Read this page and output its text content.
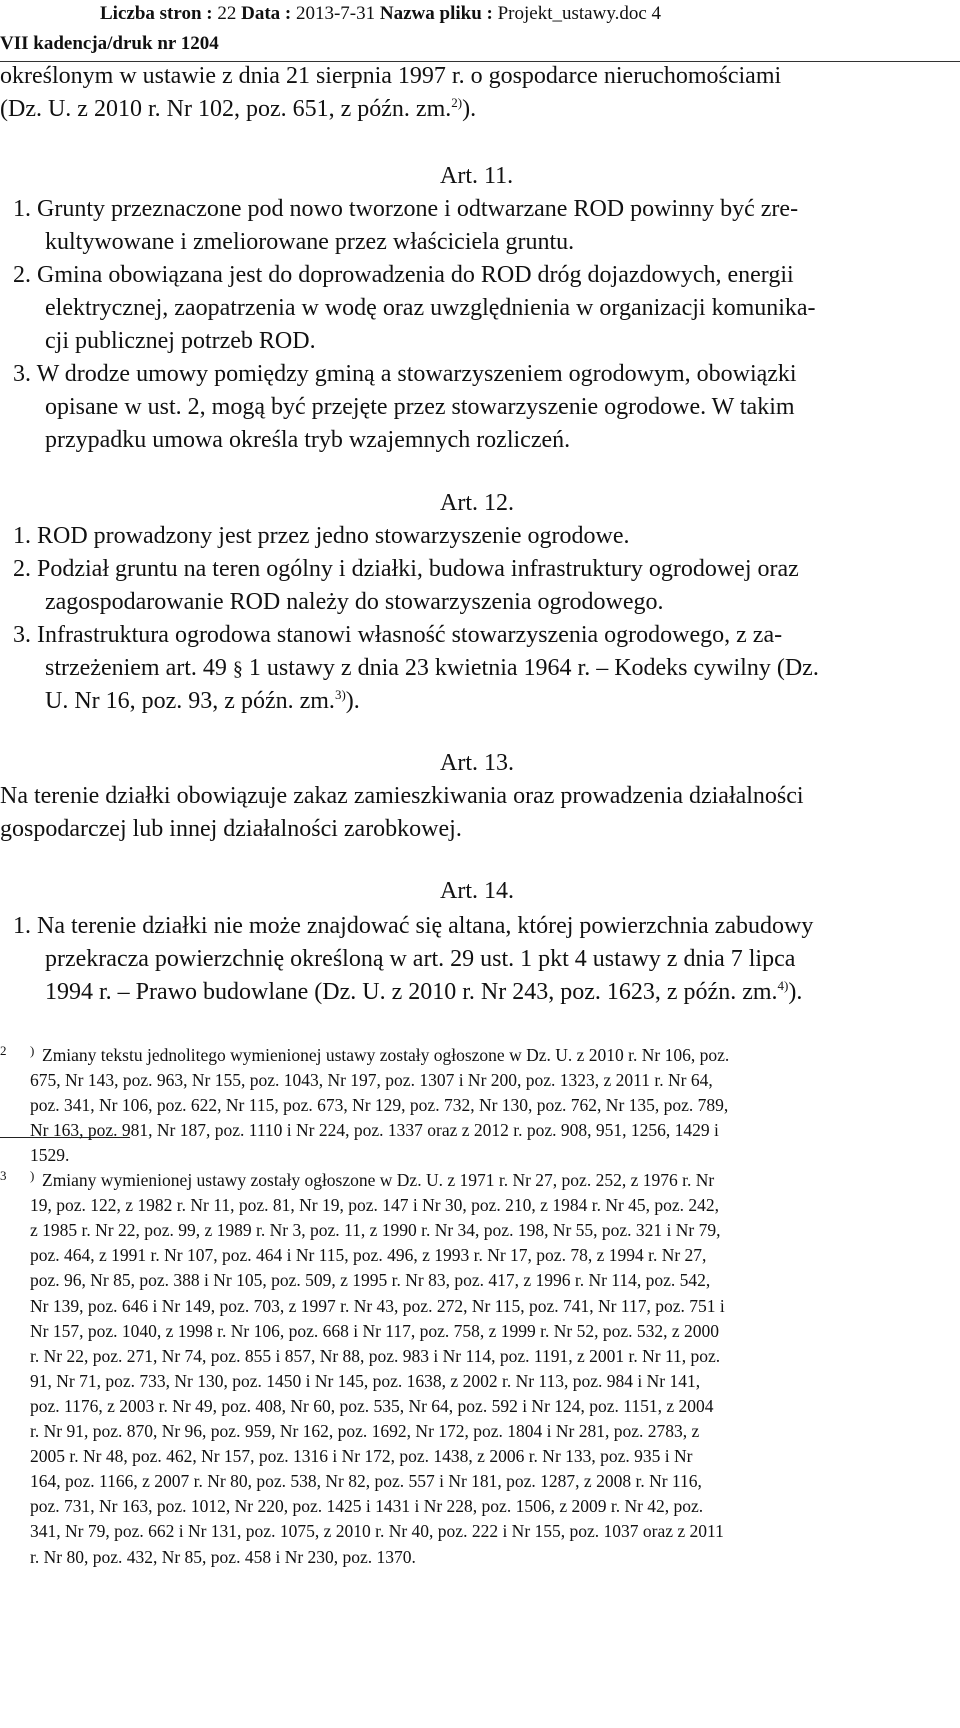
Liczba stron : 22 Data : 2013-7-31 Nazwa pliku : Projekt_ustawy.doc 4
VII kadencja/druk nr 1204
określonym w ustawie z dnia 21 sierpnia 1997 r. o gospodarce nieruchomościami
(Dz. U. z 2010 r. Nr 102, poz. 651, z późn. zm.$^{2)}$).
Art. 11.
1. Grunty przeznaczone pod nowo tworzone i odtwarzane ROD powinny być zre-
kultywowane i zmeliorowane przez właściciela gruntu.
2. Gmina obowiązana jest do doprowadzenia do ROD dróg dojazdowych, energii
elektrycznej, zaopatrzenia w wodę oraz uwzględnienia w organizacji komunika-
cji publicznej potrzeb ROD.
3. W drodze umowy pomiędzy gminą a stowarzyszeniem ogrodowym, obowiązki
opisane w ust. 2, mogą być przejęte przez stowarzyszenie ogrodowe. W takim
przypadku umowa określa tryb wzajemnych rozliczeń.
Art. 12.
1. ROD prowadzony jest przez jedno stowarzyszenie ogrodowe.
2. Podział gruntu na teren ogólny i działki, budowa infrastruktury ogrodowej oraz
zagospodarowanie ROD należy do stowarzyszenia ogrodowego.
3. Infrastruktura ogrodowa stanowi własność stowarzyszenia ogrodowego, z za-
strzeżeniem art. 49 § 1 ustawy z dnia 23 kwietnia 1964 r. – Kodeks cywilny (Dz.
U. Nr 16, poz. 93, z późn. zm.$^{3)}$).
Art. 13.
Na terenie działki obowiązuje zakaz zamieszkiwania oraz prowadzenia działalności
gospodarczej lub innej działalności zarobkowej.
Art. 14.
1. Na terenie działki nie może znajdować się altana, której powierzchnia zabudowy
przekracza powierzchnię określoną w art. 29 ust. 1 pkt 4 ustawy z dnia 7 lipca
1994 r. – Prawo budowlane (Dz. U. z 2010 r. Nr 243, poz. 1623, z późn. zm.$^{4)}$).
2 ) Zmiany tekstu jednolitego wymienionej ustawy zostały ogłoszone w Dz. U. z 2010 r. Nr 106, poz.
675, Nr 143, poz. 963, Nr 155, poz. 1043, Nr 197, poz. 1307 i Nr 200, poz. 1323, z 2011 r. Nr 64,
poz. 341, Nr 106, poz. 622, Nr 115, poz. 673, Nr 129, poz. 732, Nr 130, poz. 762, Nr 135, poz. 789,
Nr 163, poz. 981, Nr 187, poz. 1110 i Nr 224, poz. 1337 oraz z 2012 r. poz. 908, 951, 1256, 1429 i
1529.
3 ) Zmiany wymienionej ustawy zostały ogłoszone w Dz. U. z 1971 r. Nr 27, poz. 252, z 1976 r. Nr
19, poz. 122, z 1982 r. Nr 11, poz. 81, Nr 19, poz. 147 i Nr 30, poz. 210, z 1984 r. Nr 45, poz. 242,
z 1985 r. Nr 22, poz. 99, z 1989 r. Nr 3, poz. 11, z 1990 r. Nr 34, poz. 198, Nr 55, poz. 321 i Nr 79,
poz. 464, z 1991 r. Nr 107, poz. 464 i Nr 115, poz. 496, z 1993 r. Nr 17, poz. 78, z 1994 r. Nr 27,
poz. 96, Nr 85, poz. 388 i Nr 105, poz. 509, z 1995 r. Nr 83, poz. 417, z 1996 r. Nr 114, poz. 542,
Nr 139, poz. 646 i Nr 149, poz. 703, z 1997 r. Nr 43, poz. 272, Nr 115, poz. 741, Nr 117, poz. 751 i
Nr 157, poz. 1040, z 1998 r. Nr 106, poz. 668 i Nr 117, poz. 758, z 1999 r. Nr 52, poz. 532, z 2000
r. Nr 22, poz. 271, Nr 74, poz. 855 i 857, Nr 88, poz. 983 i Nr 114, poz. 1191, z 2001 r. Nr 11, poz.
91, Nr 71, poz. 733, Nr 130, poz. 1450 i Nr 145, poz. 1638, z 2002 r. Nr 113, poz. 984 i Nr 141,
poz. 1176, z 2003 r. Nr 49, poz. 408, Nr 60, poz. 535, Nr 64, poz. 592 i Nr 124, poz. 1151, z 2004
r. Nr 91, poz. 870, Nr 96, poz. 959, Nr 162, poz. 1692, Nr 172, poz. 1804 i Nr 281, poz. 2783, z
2005 r. Nr 48, poz. 462, Nr 157, poz. 1316 i Nr 172, poz. 1438, z 2006 r. Nr 133, poz. 935 i Nr
164, poz. 1166, z 2007 r. Nr 80, poz. 538, Nr 82, poz. 557 i Nr 181, poz. 1287, z 2008 r. Nr 116,
poz. 731, Nr 163, poz. 1012, Nr 220, poz. 1425 i 1431 i Nr 228, poz. 1506, z 2009 r. Nr 42, poz.
341, Nr 79, poz. 662 i Nr 131, poz. 1075, z 2010 r. Nr 40, poz. 222 i Nr 155, poz. 1037 oraz z 2011
r. Nr 80, poz. 432, Nr 85, poz. 458 i Nr 230, poz. 1370.
